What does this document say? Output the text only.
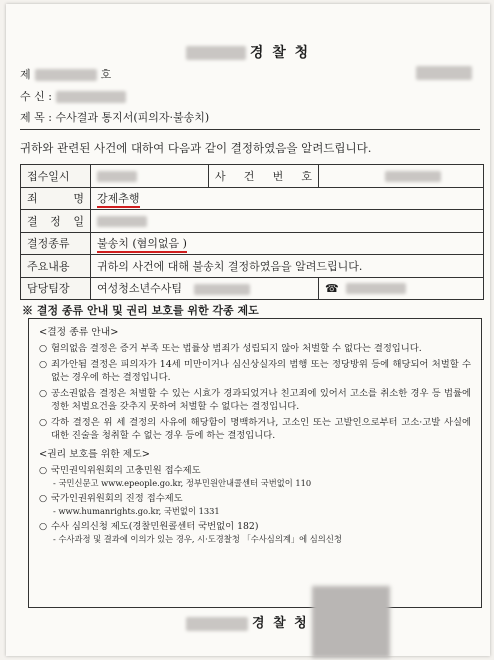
경 찰 청
제	호
수 신 :
제 목 : 수사결과 통지서(피의자·불송치)
귀하와 관련된 사건에 대하여 다음과 같이 결정하였음을 알려드립니다.
접수일시		사 건 번 호	
죄 명	강제추행		
결 정 일			
결정종류	불송치 (혐의없음 )		
주요내용	귀하의 사건에 대해 불송치 결정하였음을 알려드립니다.		
담당팀장	여성청소년수사팀		☎
※ 결정 종류 안내 및 권리 보호를 위한 각종 제도
<결정 종류 안내>
○ 혐의없음 결정은 증거 부족 또는 법률상 범죄가 성립되지 않아 처벌할 수 없다는 결정입니다.
○ 죄가안됨 결정은 피의자가 14세 미만이거나 심신상실자의 범행 또는 정당방위 등에 해당되어 처벌할 수 없는 경우에 하는 결정입니다.
○ 공소권없음 결정은 처벌할 수 있는 시효가 경과되었거나 친고죄에 있어서 고소를 취소한 경우 등 법률에 정한 처벌요건을 갖추지 못하여 처벌할 수 없다는 결정입니다.
○ 각하 결정은 위 세 결정의 사유에 해당함이 명백하거나, 고소인 또는 고발인으로부터 고소·고발 사실에 대한 진술을 청취할 수 없는 경우 등에 하는 결정입니다.
<권리 보호를 위한 제도>
○ 국민권익위원회의 고충민원 접수제도
- 국민신문고 www.epeople.go.kr, 정부민원안내콜센터 국번없이 110
○ 국가인권위원회의 진정 접수제도
- www.humanrights.go.kr, 국번없이 1331
○ 수사 심의신청 제도(경찰민원콜센터 국번없이 182)
- 수사과정 및 결과에 이의가 있는 경우, 시·도경찰청 「수사심의계」에 심의신청
경 찰 청
